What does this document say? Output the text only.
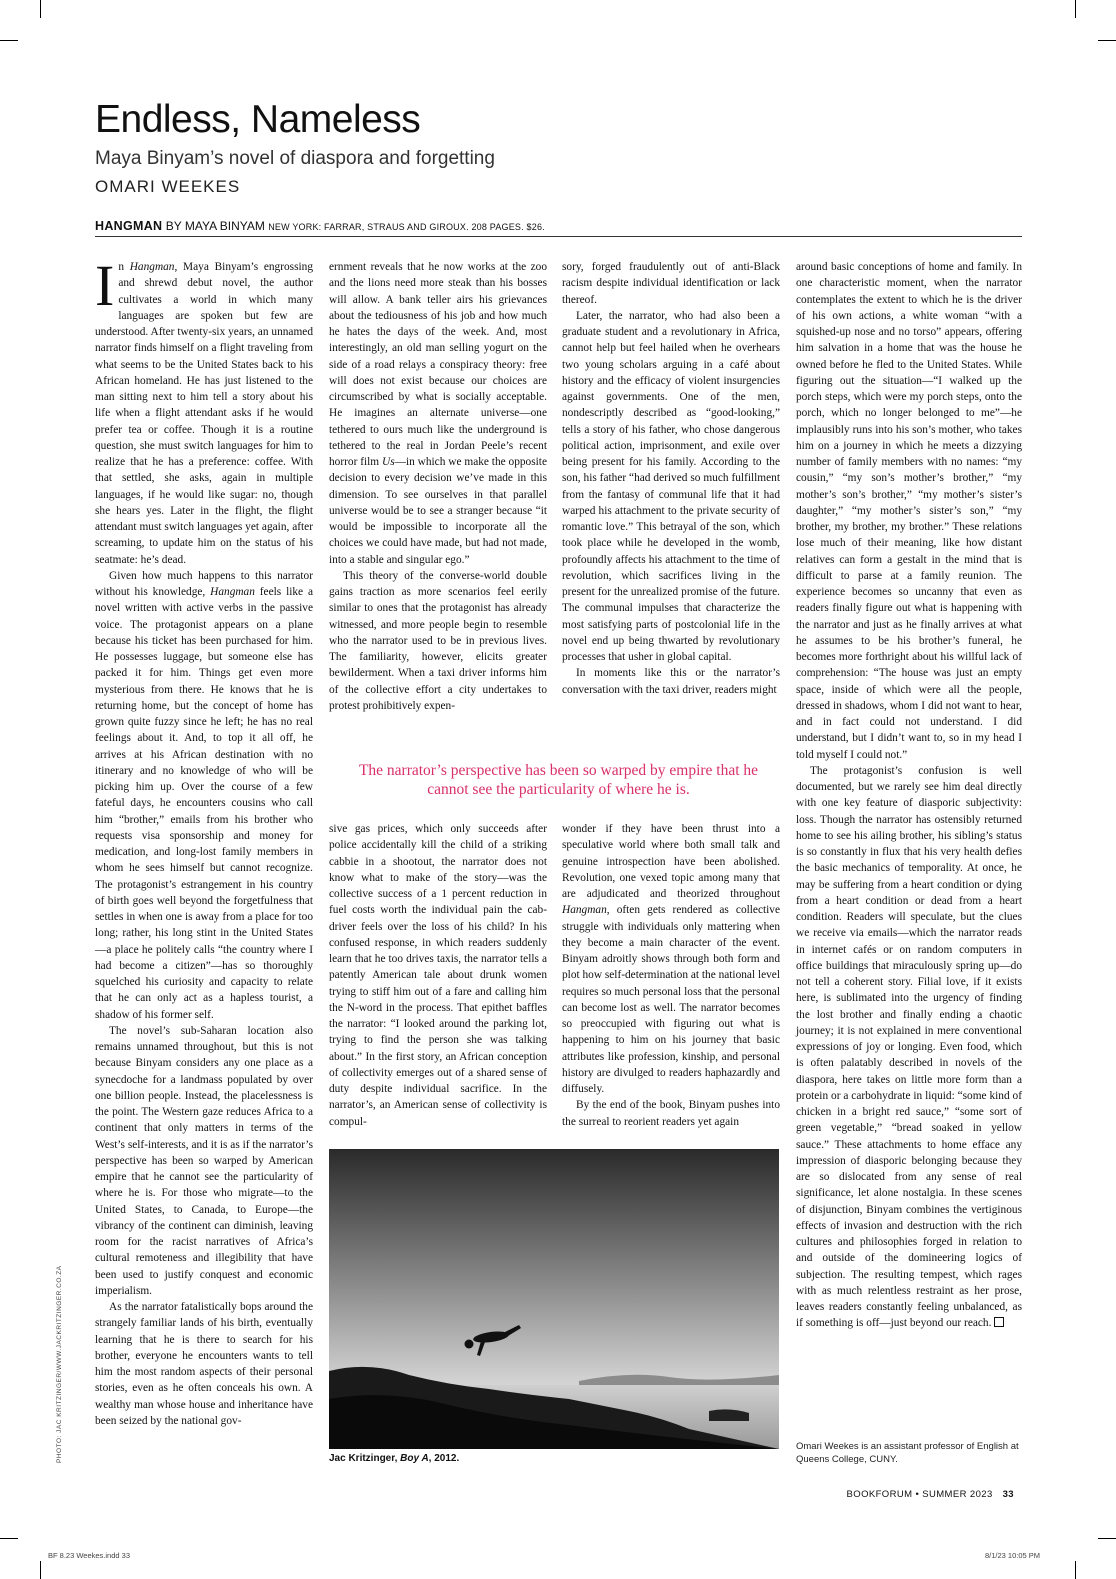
Endless, Nameless
Maya Binyam’s novel of diaspora and forgetting
OMARI WEEKES
HANGMAN BY MAYA BINYAM NEW YORK: FARRAR, STRAUS AND GIROUX. 208 PAGES. $26.

In Hangman, Maya Binyam’s engrossing and shrewd debut novel, the author cultivates a world in which many languages are spoken but few are understood. After twenty-six years, an unnamed narrator finds himself on a flight traveling from what seems to be the United States back to his African homeland. He has just listened to the man sitting next to him tell a story about his life when a flight attendant asks if he would prefer tea or coffee. Though it is a routine question, she must switch languages for him to realize that he has a preference: coffee. With that settled, she asks, again in multiple languages, if he would like sugar: no, though she hears yes. Later in the flight, the flight attendant must switch languages yet again, after screaming, to update him on the status of his seatmate: he’s dead.

Given how much happens to this narrator without his knowledge, Hangman feels like a novel written with active verbs in the passive voice. The protagonist appears on a plane because his ticket has been purchased for him. He possesses luggage, but someone else has packed it for him. Things get even more mysterious from there. He knows that he is returning home, but the concept of home has grown quite fuzzy since he left; he has no real feelings about it. And, to top it all off, he arrives at his African destination with no itinerary and no knowledge of who will be picking him up. Over the course of a few fateful days, he encounters cousins who call him “brother,” emails from his brother who requests visa sponsorship and money for medication, and long-lost family members in whom he sees himself but cannot recognize. The protagonist’s estrangement in his country of birth goes well beyond the forgetfulness that settles in when one is away from a place for too long; rather, his long stint in the United States—a place he politely calls “the country where I had become a citizen”—has so thoroughly squelched his curiosity and capacity to relate that he can only act as a hapless tourist, a shadow of his former self.

The novel’s sub-Saharan location also remains unnamed throughout, but this is not because Binyam considers any one place as a synecdoche for a landmass populated by over one billion people. Instead, the placelessness is the point. The Western gaze reduces Africa to a continent that only matters in terms of the West’s self-interests, and it is as if the narrator’s perspective has been so warped by American empire that he cannot see the particularity of where he is. For those who migrate—to the United States, to Canada, to Europe—the vibrancy of the continent can diminish, leaving room for the racist narratives of Africa’s cultural remoteness and illegibility that have been used to justify conquest and economic imperialism.

As the narrator fatalistically bops around the strangely familiar lands of his birth, eventually learning that he is there to search for his brother, everyone he encounters wants to tell him the most random aspects of their personal stories, even as he often conceals his own. A wealthy man whose house and inheritance have been seized by the national gov-

ernment reveals that he now works at the zoo and the lions need more steak than his bosses will allow. A bank teller airs his grievances about the tediousness of his job and how much he hates the days of the week. And, most interestingly, an old man selling yogurt on the side of a road relays a conspiracy theory: free will does not exist because our choices are circumscribed by what is socially acceptable. He imagines an alternate universe—one tethered to ours much like the underground is tethered to the real in Jordan Peele’s recent horror film Us—in which we make the opposite decision to every decision we’ve made in this dimension. To see ourselves in that parallel universe would be to see a stranger because “it would be impossible to incorporate all the choices we could have made, but had not made, into a stable and singular ego.”

This theory of the converse-world double gains traction as more scenarios feel eerily similar to ones that the protagonist has already witnessed, and more people begin to resemble who the narrator used to be in previous lives. The familiarity, however, elicits greater bewilderment. When a taxi driver informs him of the collective effort a city undertakes to protest prohibitively expen-

sory, forged fraudulently out of anti-Black racism despite individual identification or lack thereof.

Later, the narrator, who had also been a graduate student and a revolutionary in Africa, cannot help but feel hailed when he overhears two young scholars arguing in a café about history and the efficacy of violent insurgencies against governments. One of the men, nondescriptly described as “good-looking,” tells a story of his father, who chose dangerous political action, imprisonment, and exile over being present for his family. According to the son, his father “had derived so much fulfillment from the fantasy of communal life that it had warped his attachment to the private security of romantic love.” This betrayal of the son, which took place while he developed in the womb, profoundly affects his attachment to the time of revolution, which sacrifices living in the present for the unrealized promise of the future. The communal impulses that characterize the most satisfying parts of postcolonial life in the novel end up being thwarted by revolutionary processes that usher in global capital.

In moments like this or the narrator’s conversation with the taxi driver, readers might

The narrator’s perspective has been so warped by empire that he cannot see the particularity of where he is.

sive gas prices, which only succeeds after police accidentally kill the child of a striking cabbie in a shootout, the narrator does not know what to make of the story—was the collective success of a 1 percent reduction in fuel costs worth the individual pain the cab-driver feels over the loss of his child? In his confused response, in which readers suddenly learn that he too drives taxis, the narrator tells a patently American tale about drunk women trying to stiff him out of a fare and calling him the N-word in the process. That epithet baffles the narrator: “I looked around the parking lot, trying to find the person she was talking about.” In the first story, an African conception of collectivity emerges out of a shared sense of duty despite individual sacrifice. In the narrator’s, an American sense of collectivity is compul-

wonder if they have been thrust into a speculative world where both small talk and genuine introspection have been abolished. Revolution, one vexed topic among many that are adjudicated and theorized throughout Hangman, often gets rendered as collective struggle with individuals only mattering when they become a main character of the event. Binyam adroitly shows through both form and plot how self-determination at the national level requires so much personal loss that the personal can become lost as well. The narrator becomes so preoccupied with figuring out what is happening to him on his journey that basic attributes like profession, kinship, and personal history are divulged to readers haphazardly and diffusely.

By the end of the book, Binyam pushes into the surreal to reorient readers yet again

around basic conceptions of home and family. In one characteristic moment, when the narrator contemplates the extent to which he is the driver of his own actions, a white woman “with a squished-up nose and no torso” appears, offering him salvation in a home that was the house he owned before he fled to the United States. While figuring out the situation—“I walked up the porch steps, which were my porch steps, onto the porch, which no longer belonged to me”—he implausibly runs into his son’s mother, who takes him on a journey in which he meets a dizzying number of family members with no names: “my cousin,” “my son’s mother’s brother,” “my mother’s son’s brother,” “my mother’s sister’s daughter,” “my mother’s sister’s son,” “my brother, my brother, my brother.” These relations lose much of their meaning, like how distant relatives can form a gestalt in the mind that is difficult to parse at a family reunion. The experience becomes so uncanny that even as readers finally figure out what is happening with the narrator and just as he finally arrives at what he assumes to be his brother’s funeral, he becomes more forthright about his willful lack of comprehension: “The house was just an empty space, inside of which were all the people, dressed in shadows, whom I did not want to hear, and in fact could not understand. I did understand, but I didn’t want to, so in my head I told myself I could not.”

The protagonist’s confusion is well documented, but we rarely see him deal directly with one key feature of diasporic subjectivity: loss. Though the narrator has ostensibly returned home to see his ailing brother, his sibling’s status is so constantly in flux that his very health defies the basic mechanics of temporality. At once, he may be suffering from a heart condition or dying from a heart condition or dead from a heart condition. Readers will speculate, but the clues we receive via emails—which the narrator reads in internet cafés or on random computers in office buildings that miraculously spring up—do not tell a coherent story. Filial love, if it exists here, is sublimated into the urgency of finding the lost brother and finally ending a chaotic journey; it is not explained in mere conventional expressions of joy or longing. Even food, which is often palatably described in novels of the diaspora, here takes on little more form than a protein or a carbohydrate in liquid: “some kind of chicken in a bright red sauce,” “some sort of green vegetable,” “bread soaked in yellow sauce.” These attachments to home efface any impression of diasporic belonging because they are so dislocated from any sense of real significance, let alone nostalgia. In these scenes of disjunction, Binyam combines the vertiginous effects of invasion and destruction with the rich cultures and philosophies forged in relation to and outside of the domineering logics of subjection. The resulting tempest, which rages with as much relentless restraint as her prose, leaves readers constantly feeling unbalanced, as if something is off—just beyond our reach.

Jac Kritzinger, Boy A, 2012.
PHOTO: JAC KRITZINGER/WWW.JACKRITZINGER.CO.ZA	Omari Weekes is an assistant professor of English at Queens College, CUNY.
BOOKFORUM • SUMMER 2023 33
BF 8.23 Weekes.indd 33	8/1/23 10:05 PM
